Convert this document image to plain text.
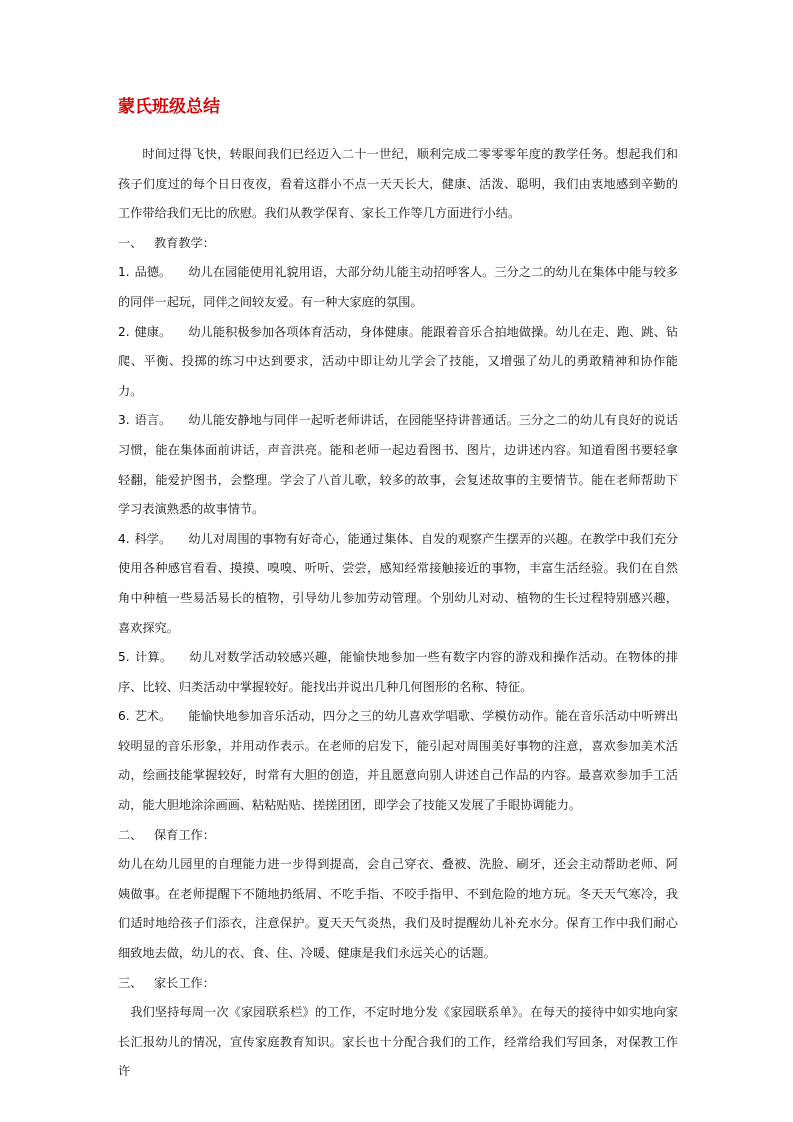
蒙氏班级总结

时间过得飞快，转眼间我们已经迈入二十一世纪，顺利完成二零零零年度的教学任务。想起我们和孩子们度过的每个日日夜夜，看着这群小不点一天天长大，健康、活泼、聪明，我们由衷地感到辛勤的工作带给我们无比的欣慰。我们从教学保育、家长工作等几方面进行小结。

一、   教育教学：

1. 品德。 幼儿在园能使用礼貌用语，大部分幼儿能主动招呼客人。三分之二的幼儿在集体中能与较多的同伴一起玩，同伴之间较友爱。有一种大家庭的氛围。

2. 健康。 幼儿能积极参加各项体育活动，身体健康。能跟着音乐合拍地做操。幼儿在走、跑、跳、钻爬、平衡、投掷的练习中达到要求，活动中即让幼儿学会了技能，又增强了幼儿的勇敢精神和协作能力。

3. 语言。 幼儿能安静地与同伴一起听老师讲话，在园能坚持讲普通话。三分之二的幼儿有良好的说话习惯，能在集体面前讲话，声音洪亮。能和老师一起边看图书、图片，边讲述内容。知道看图书要轻拿轻翻，能爱护图书，会整理。学会了八首儿歌，较多的故事，会复述故事的主要情节。能在老师帮助下学习表演熟悉的故事情节。

4. 科学。 幼儿对周围的事物有好奇心，能通过集体、自发的观察产生摆弄的兴趣。在教学中我们充分使用各种感官看看、摸摸、嗅嗅、听听、尝尝，感知经常接触接近的事物，丰富生活经验。我们在自然角中种植一些易活易长的植物，引导幼儿参加劳动管理。个别幼儿对动、植物的生长过程特别感兴趣，喜欢探究。

5. 计算。 幼儿对数学活动较感兴趣，能愉快地参加一些有数字内容的游戏和操作活动。在物体的排序、比较、归类活动中掌握较好。能找出并说出几种几何图形的名称、特征。

6. 艺术。 能愉快地参加音乐活动，四分之三的幼儿喜欢学唱歌、学模仿动作。能在音乐活动中听辨出较明显的音乐形象，并用动作表示。在老师的启发下，能引起对周围美好事物的注意，喜欢参加美术活动，绘画技能掌握较好，时常有大胆的创造，并且愿意向别人讲述自己作品的内容。最喜欢参加手工活动，能大胆地涂涂画画、粘粘贴贴、搓搓团团，即学会了技能又发展了手眼协调能力。

二、   保育工作：

幼儿在幼儿园里的自理能力进一步得到提高，会自己穿衣、叠被、洗脸、刷牙，还会主动帮助老师、阿姨做事。在老师提醒下不随地扔纸屑、不吃手指、不咬手指甲、不到危险的地方玩。冬天天气寒冷，我们适时地给孩子们添衣，注意保护。夏天天气炎热，我们及时提醒幼儿补充水分。保育工作中我们耐心细致地去做，幼儿的衣、食、住、冷暖、健康是我们永远关心的话题。

三、   家长工作：

我们坚持每周一次《家园联系栏》的工作，不定时地分发《家园联系单》。在每天的接待中如实地向家长汇报幼儿的情况，宣传家庭教育知识。家长也十分配合我们的工作，经常给我们写回条，对保教工作许
